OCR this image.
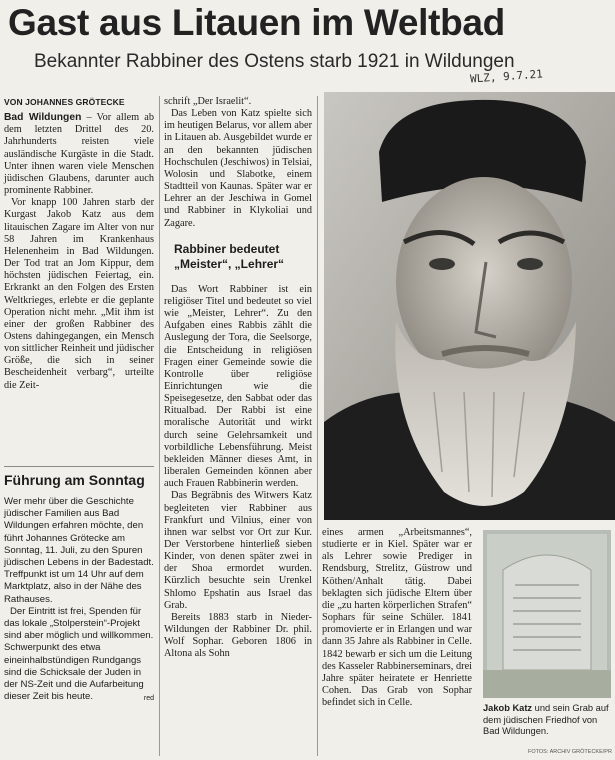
Gast aus Litauen im Weltbad
Bekannter Rabbiner des Ostens starb 1921 in Wildungen
WLZ, 9.7.21
VON JOHANNES GRÖTECKE

Bad Wildungen – Vor allem ab dem letzten Drittel des 20. Jahrhunderts reisten viele ausländische Kurgäste in die Stadt. Unter ihnen waren viele Menschen jüdischen Glaubens, darunter auch prominente Rabbiner.

Vor knapp 100 Jahren starb der Kurgast Jakob Katz aus dem litauischen Zagare im Alter von nur 58 Jahren im Krankenhaus Helenenheim in Bad Wildungen. Der Tod trat an Jom Kippur, dem höchsten jüdischen Feiertag, ein. Erkrankt an den Folgen des Ersten Weltkrieges, erlebte er die geplante Operation nicht mehr. „Mit ihm ist einer der großen Rabbiner des Ostens dahingegangen, ein Mensch von sittlicher Reinheit und jüdischer Größe, die sich in seiner Bescheidenheit verbarg“, urteilte die Zeit-

Führung am Sonntag

Wer mehr über die Geschichte jüdischer Familien aus Bad Wildungen erfahren möchte, den führt Johannes Grötecke am Sonntag, 11. Juli, zu den Spuren jüdischen Lebens in der Badestadt. Treffpunkt ist um 14 Uhr auf dem Marktplatz, also in der Nähe des Rathauses.

Der Eintritt ist frei, Spenden für das lokale „Stolperstein“-Projekt sind aber möglich und willkommen. Schwerpunkt des etwa eineinhalbstündigen Rundgangs sind die Schicksale der Juden in der NS-Zeit und die Aufarbeitung dieser Zeit bis heute.	red

schrift „Der Israelit“.

Das Leben von Katz spielte sich im heutigen Belarus, vor allem aber in Litauen ab. Ausgebildet wurde er an den bekannten jüdischen Hochschulen (Jeschiwos) in Telsiai, Wolosin und Slabotke, einem Stadtteil von Kaunas. Später war er Lehrer an der Jeschiwa in Gomel und Rabbiner in Klykoliai und Zagare.

Rabbiner bedeutet „Meister“, „Lehrer“

Das Wort Rabbiner ist ein religiöser Titel und bedeutet so viel wie „Meister, Lehrer“. Zu den Aufgaben eines Rabbis zählt die Auslegung der Tora, die Seelsorge, die Entscheidung in religiösen Fragen einer Gemeinde sowie die Kontrolle über religiöse Einrichtungen wie die Speisegesetze, den Sabbat oder das Ritualbad. Der Rabbi ist eine moralische Autorität und wirkt durch seine Gelehrsamkeit und vorbildliche Lebensführung. Meist bekleiden Männer dieses Amt, in liberalen Gemeinden können aber auch Frauen Rabbinerin werden.

Das Begräbnis des Witwers Katz begleiteten vier Rabbiner aus Frankfurt und Vilnius, einer von ihnen war selbst vor Ort zur Kur. Der Verstorbene hinterließ sieben Kinder, von denen später zwei in der Shoa ermordet wurden. Kürzlich besuchte sein Urenkel Shlomo Epshatin aus Israel das Grab.

Bereits 1883 starb in Nieder-Wildungen der Rabbiner Dr. phil. Wolf Sophar. Geboren 1806 in Altona als Sohn

eines armen „Arbeitsmannes“, studierte er in Kiel. Später war er als Lehrer sowie Prediger in Rendsburg, Strelitz, Güstrow und Köthen/Anhalt tätig. Dabei beklagten sich jüdische Eltern über die „zu harten körperlichen Strafen“ Sophars für seine Schüler. 1841 promovierte er in Erlangen und war dann 35 Jahre als Rabbiner in Celle. 1842 bewarb er sich um die Leitung des Kasseler Rabbinerseminars, drei Jahre später heiratete er Henriette Cohen. Das Grab von Sophar befindet sich in Celle.	Jakob Katz und sein Grab auf dem jüdischen Friedhof von Bad Wildungen.
FOTOS: ARCHIV GRÖTECKE/PR
